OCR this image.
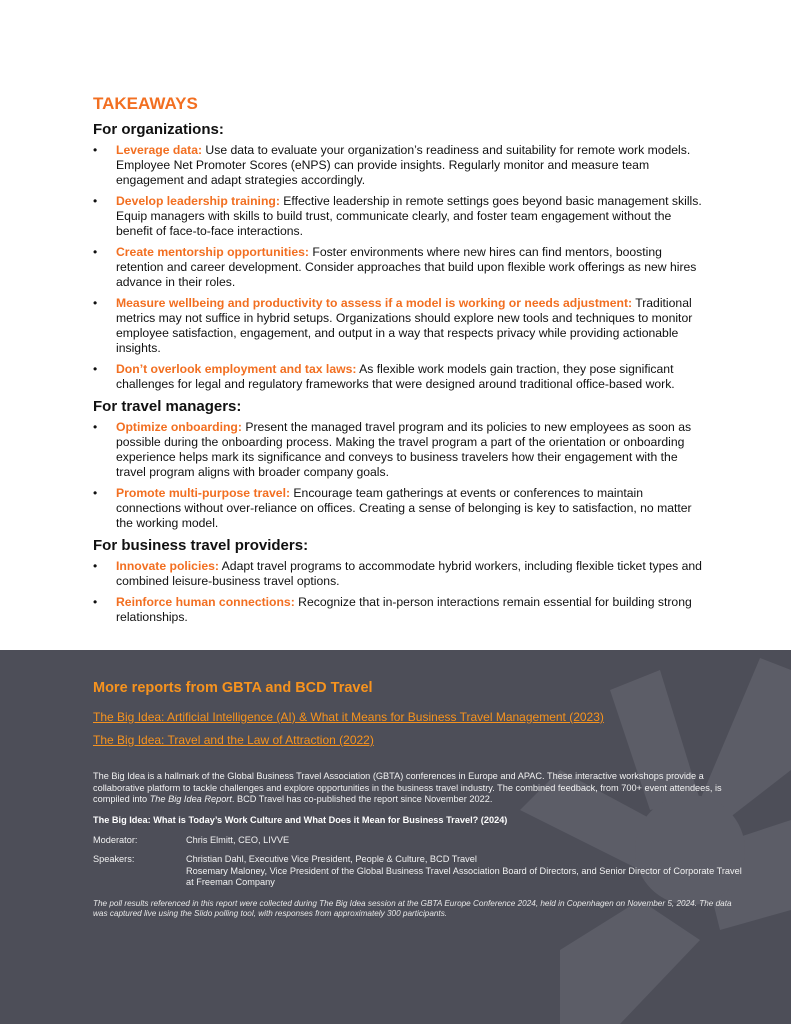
TAKEAWAYS
For organizations:
• Leverage data: Use data to evaluate your organization’s readiness and suitability for remote work models. Employee Net Promoter Scores (eNPS) can provide insights. Regularly monitor and measure team engagement and adapt strategies accordingly.
• Develop leadership training: Effective leadership in remote settings goes beyond basic management skills. Equip managers with skills to build trust, communicate clearly, and foster team engagement without the benefit of face-to-face interactions.
• Create mentorship opportunities: Foster environments where new hires can find mentors, boosting retention and career development. Consider approaches that build upon flexible work offerings as new hires advance in their roles.
• Measure wellbeing and productivity to assess if a model is working or needs adjustment: Traditional metrics may not suffice in hybrid setups. Organizations should explore new tools and techniques to monitor employee satisfaction, engagement, and output in a way that respects privacy while providing actionable insights.
• Don’t overlook employment and tax laws: As flexible work models gain traction, they pose significant challenges for legal and regulatory frameworks that were designed around traditional office-based work.
For travel managers:
• Optimize onboarding: Present the managed travel program and its policies to new employees as soon as possible during the onboarding process. Making the travel program a part of the orientation or onboarding experience helps mark its significance and conveys to business travelers how their engagement with the travel program aligns with broader company goals.
• Promote multi-purpose travel: Encourage team gatherings at events or conferences to maintain connections without over-reliance on offices. Creating a sense of belonging is key to satisfaction, no matter the working model.
For business travel providers:
• Innovate policies: Adapt travel programs to accommodate hybrid workers, including flexible ticket types and combined leisure-business travel options.
• Reinforce human connections: Recognize that in-person interactions remain essential for building strong relationships.
More reports from GBTA and BCD Travel
The Big Idea: Artificial Intelligence (AI) & What it Means for Business Travel Management (2023)
The Big Idea: Travel and the Law of Attraction (2022)

The Big Idea is a hallmark of the Global Business Travel Association (GBTA) conferences in Europe and APAC. These interactive workshops provide a collaborative platform to tackle challenges and explore opportunities in the business travel industry. The combined feedback, from 700+ event attendees, is compiled into The Big Idea Report. BCD Travel has co-published the report since November 2022.

The Big Idea: What is Today’s Work Culture and What Does it Mean for Business Travel? (2024)
Moderator:	Chris Elmitt, CEO, LIVVE
Speakers:	Christian Dahl, Executive Vice President, People & Culture, BCD Travel
Rosemary Maloney, Vice President of the Global Business Travel Association Board of Directors, and Senior Director of Corporate Travel at Freeman Company
The poll results referenced in this report were collected during The Big Idea session at the GBTA Europe Conference 2024, held in Copenhagen on November 5, 2024. The data was captured live using the Slido polling tool, with responses from approximately 300 participants.
